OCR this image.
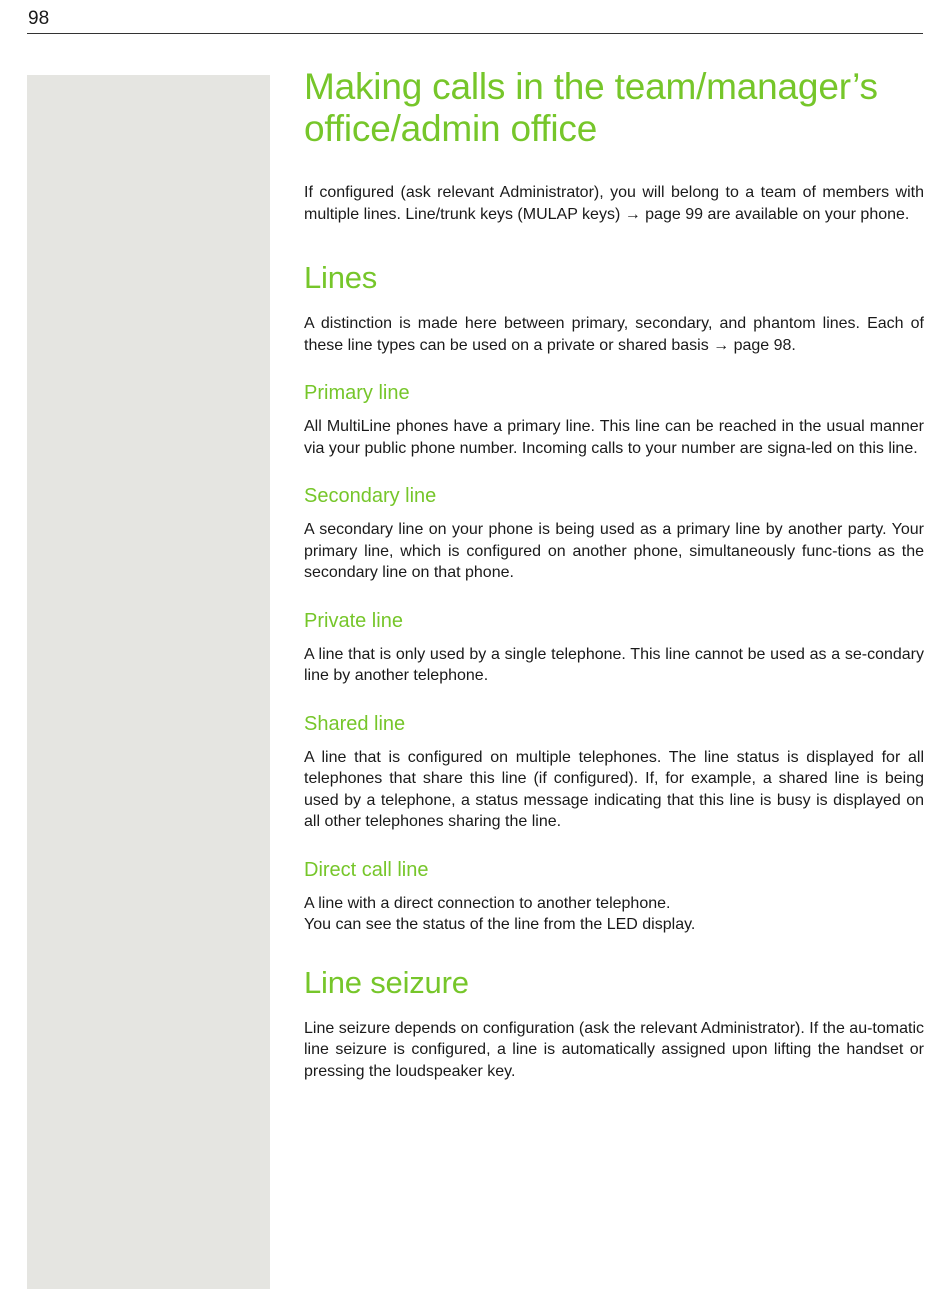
98
Making calls in the team/manager’s
office/admin office

If configured (ask relevant Administrator), you will belong to a team of members with multiple lines. Line/trunk keys (MULAP keys) → page 99 are available on your phone.

Lines

A distinction is made here between primary, secondary, and phantom lines. Each of these line types can be used on a private or shared basis → page 98.

Primary line

All MultiLine phones have a primary line. This line can be reached in the usual manner via your public phone number. Incoming calls to your number are signa-led on this line.

Secondary line

A secondary line on your phone is being used as a primary line by another party. Your primary line, which is configured on another phone, simultaneously func-tions as the secondary line on that phone.

Private line

A line that is only used by a single telephone. This line cannot be used as a se-condary line by another telephone.

Shared line

A line that is configured on multiple telephones. The line status is displayed for all telephones that share this line (if configured). If, for example, a shared line is being used by a telephone, a status message indicating that this line is busy is displayed on all other telephones sharing the line.

Direct call line

A line with a direct connection to another telephone.
You can see the status of the line from the LED display.

Line seizure

Line seizure depends on configuration (ask the relevant Administrator). If the au-tomatic line seizure is configured, a line is automatically assigned upon lifting the handset or pressing the loudspeaker key.
